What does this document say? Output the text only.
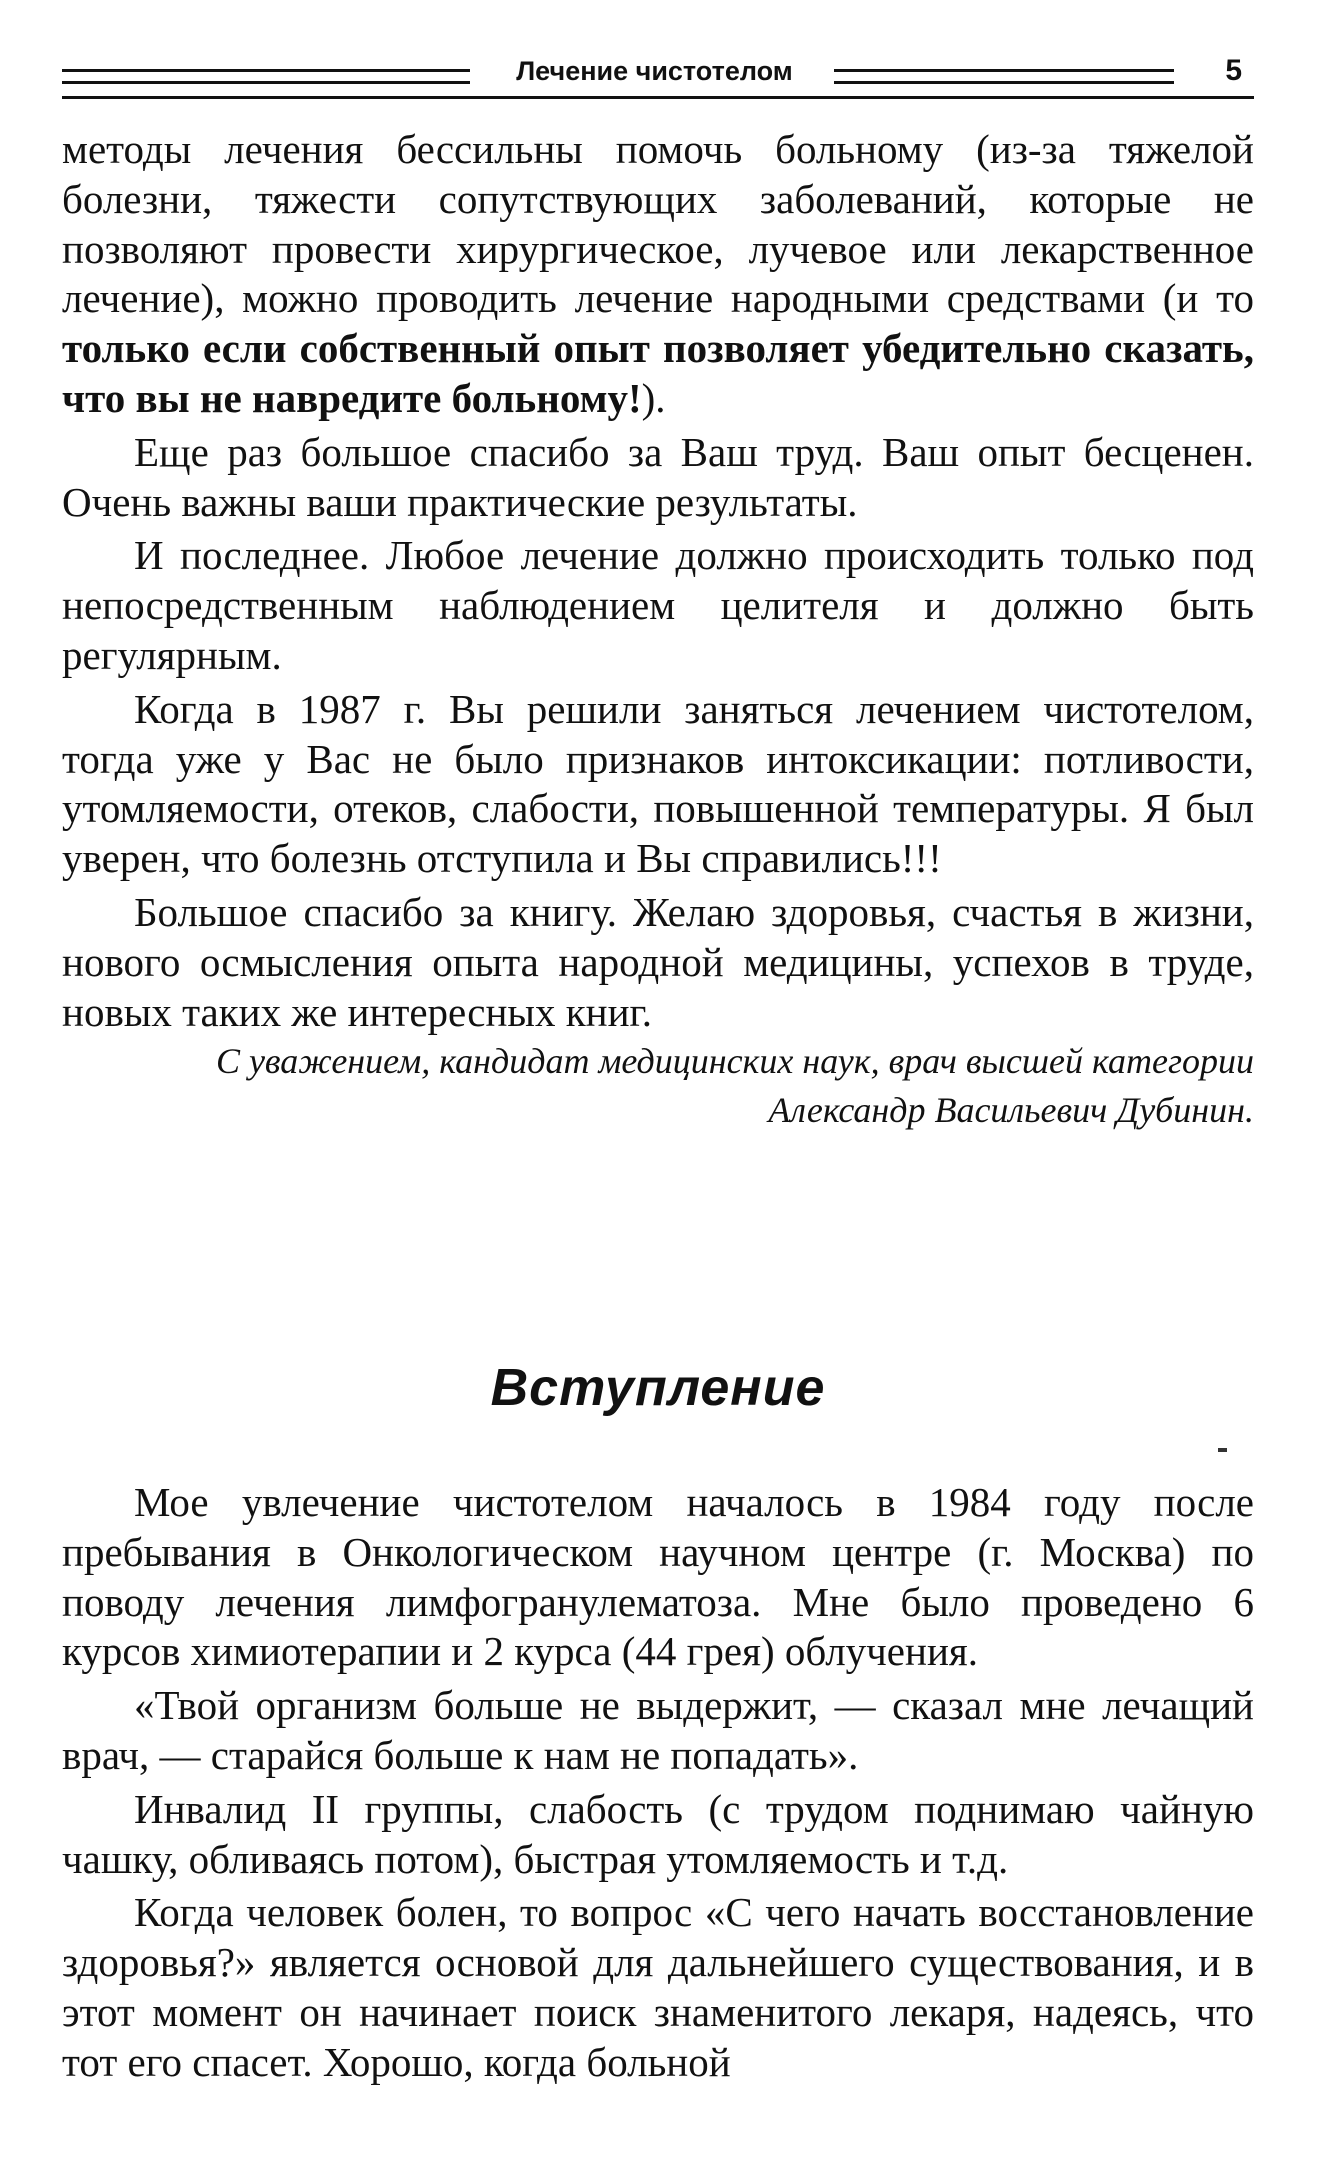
Лечение чистотелом	5

методы лечения бессильны помочь больному (из-за тяжелой болезни, тяжести сопутствующих заболеваний, которые не позволяют провести хирургическое, лучевое или лекарственное лечение), можно проводить лечение народными средствами (и то только если собственный опыт позволяет убедительно сказать, что вы не навредите больному!).

Еще раз большое спасибо за Ваш труд. Ваш опыт бесценен. Очень важны ваши практические результаты.

И последнее. Любое лечение должно происходить только под непосредственным наблюдением целителя и должно быть регулярным.

Когда в 1987 г. Вы решили заняться лечением чистотелом, тогда уже у Вас не было признаков интоксикации: потливости, утомляемости, отеков, слабости, повышенной температуры. Я был уверен, что болезнь отступила и Вы справились!!!

Большое спасибо за книгу. Желаю здоровья, счастья в жизни, нового осмысления опыта народной медицины, успехов в труде, новых таких же интересных книг.

С уважением, кандидат медицинских наук, врач высшей категории

Александр Васильевич Дубинин.

Вступление

Мое увлечение чистотелом началось в 1984 году после пребывания в Онкологическом научном центре (г. Москва) по поводу лечения лимфогранулематоза. Мне было проведено 6 курсов химиотерапии и 2 курса (44 грея) облучения.

«Твой организм больше не выдержит, — сказал мне лечащий врач, — старайся больше к нам не попадать».

Инвалид II группы, слабость (с трудом поднимаю чайную чашку, обливаясь потом), быстрая утомляемость и т.д.

Когда человек болен, то вопрос «С чего начать восстановление здоровья?» является основой для дальнейшего существования, и в этот момент он начинает поиск знаменитого лекаря, надеясь, что тот его спасет. Хорошо, когда больной
